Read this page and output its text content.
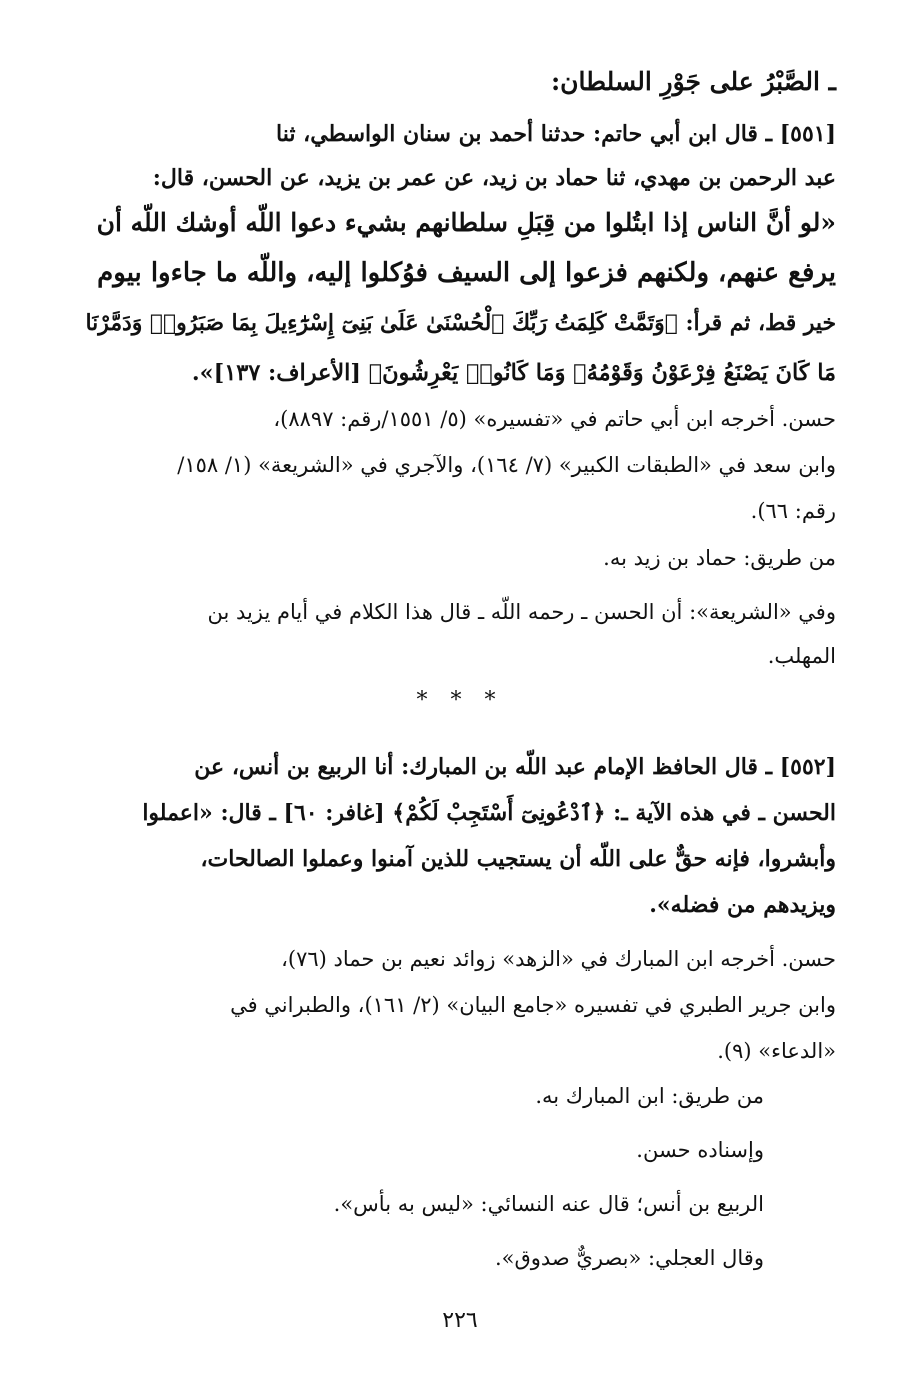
ـ الصَّبْرُ على جَوْرِ السلطان:
[٥٥١] ـ قال ابن أبي حاتم: حدثنا أحمد بن سنان الواسطي، ثنا
عبد الرحمن بن مهدي، ثنا حماد بن زيد، عن عمر بن يزيد، عن الحسن، قال:
«لو أنَّ الناس إذا ابتُلوا من قِبَلِ سلطانهم بشيء دعوا اللّه أوشك اللّه أن
يرفع عنهم، ولكنهم فزعوا إلى السيف فوُكلوا إليه، واللّه ما جاءوا بيوم
خير قط، ثم قرأ: ﴿وَتَمَّتْ كَلِمَتُ رَبِّكَ ٱلْحُسْنَىٰ عَلَىٰ بَنِىٓ إِسْرَٰٓءِيلَ بِمَا صَبَرُوا۟ وَدَمَّرْنَا
مَا كَانَ يَصْنَعُ فِرْعَوْنُ وَقَوْمُهُۥ وَمَا كَانُوا۟ يَعْرِشُونَ﴾ [الأعراف: ١٣٧]».
حسن. أخرجه ابن أبي حاتم في «تفسيره» (٥/ ١٥٥١/رقم: ٨٨٩٧)،
وابن سعد في «الطبقات الكبير» (٧/ ١٦٤)، والآجري في «الشريعة» (١/ ١٥٨/
رقم: ٦٦).
من طريق: حماد بن زيد به.
وفي «الشريعة»: أن الحسن ـ رحمه اللّه ـ قال هذا الكلام في أيام يزيد بن
المهلب.
* * *
[٥٥٢] ـ قال الحافظ الإمام عبد اللّه بن المبارك: أنا الربيع بن أنس، عن
الحسن ـ في هذه الآية ـ: ﴿ٱدْعُونِىٓ أَسْتَجِبْ لَكُمْ﴾ [غافر: ٦٠] ـ قال: «اعملوا
وأبشروا، فإنه حقٌّ على اللّه أن يستجيب للذين آمنوا وعملوا الصالحات،
ويزيدهم من فضله».
حسن. أخرجه ابن المبارك في «الزهد» زوائد نعيم بن حماد (٧٦)،
وابن جرير الطبري في تفسيره «جامع البيان» (٢/ ١٦١)، والطبراني في
«الدعاء» (٩).
من طريق: ابن المبارك به.
وإسناده حسن.
الربيع بن أنس؛ قال عنه النسائي: «ليس به بأس».
وقال العجلي: «بصريٌّ صدوق».
٢٢٦
